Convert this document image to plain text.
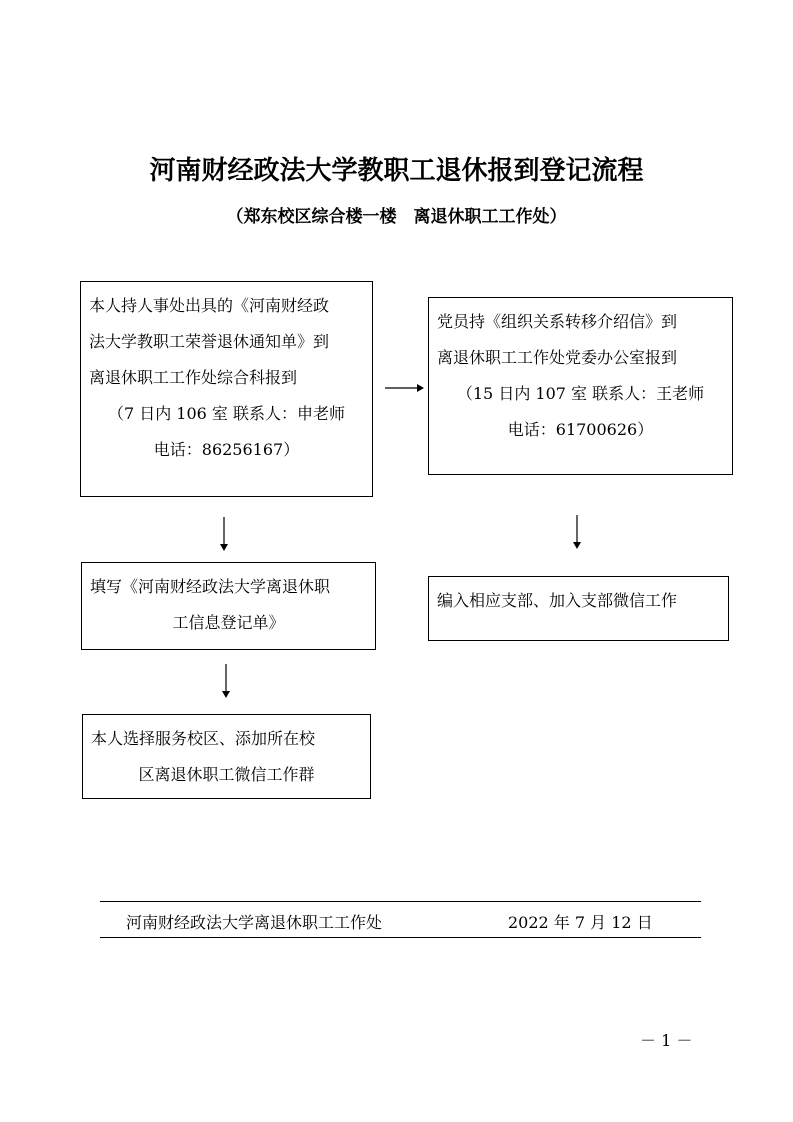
河南财经政法大学教职工退休报到登记流程
（郑东校区综合楼一楼　离退休职工工作处）
本人持人事处出具的《河南财经政
法大学教职工荣誉退休通知单》到
离退休职工工作处综合科报到
（7 日内 106 室 联系人：申老师
电话：86256167）
党员持《组织关系转移介绍信》到
离退休职工工作处党委办公室报到
（15 日内 107 室 联系人：王老师
电话：61700626）
填写《河南财经政法大学离退休职
工信息登记单》
编入相应支部、加入支部微信工作
本人选择服务校区、添加所在校
区离退休职工微信工作群
河南财经政法大学离退休职工工作处	2022 年 7 月 12 日
－ 1 －
